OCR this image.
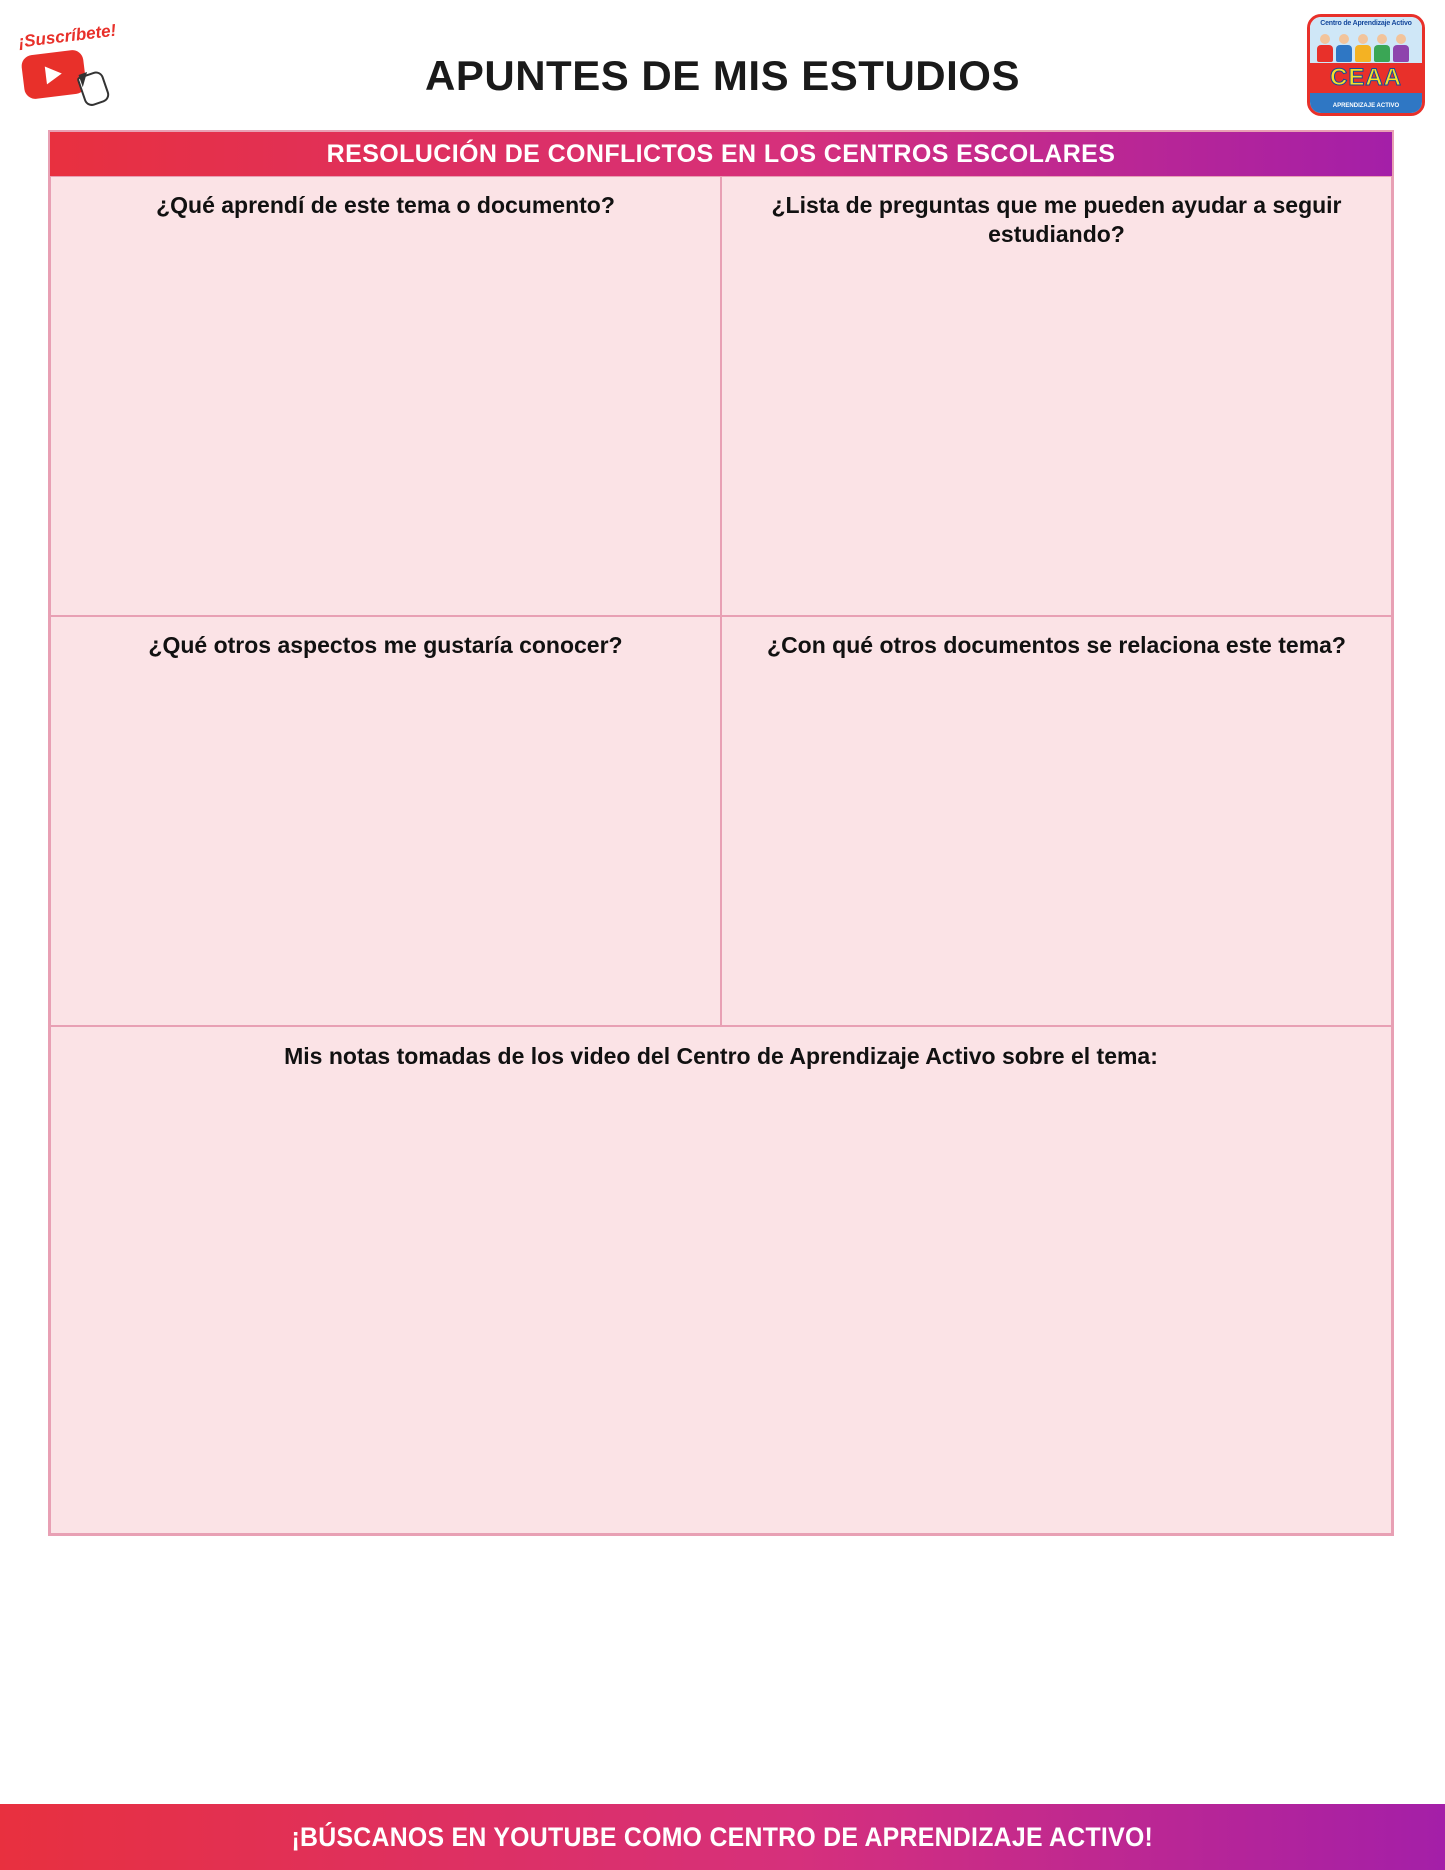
¡Suscríbete!
APUNTES DE MIS ESTUDIOS
Centro de Aprendizaje Activo
CEAA
APRENDIZAJE ACTIVO
RESOLUCIÓN DE CONFLICTOS EN LOS CENTROS ESCOLARES
¿Qué aprendí de este tema o documento?	¿Lista de preguntas que me pueden ayudar a seguir estudiando?
¿Qué otros aspectos me gustaría conocer?	¿Con qué otros documentos se relaciona este tema?
Mis notas tomadas de los video del Centro de Aprendizaje Activo sobre el tema:
¡BÚSCANOS EN YOUTUBE COMO CENTRO DE APRENDIZAJE ACTIVO!
